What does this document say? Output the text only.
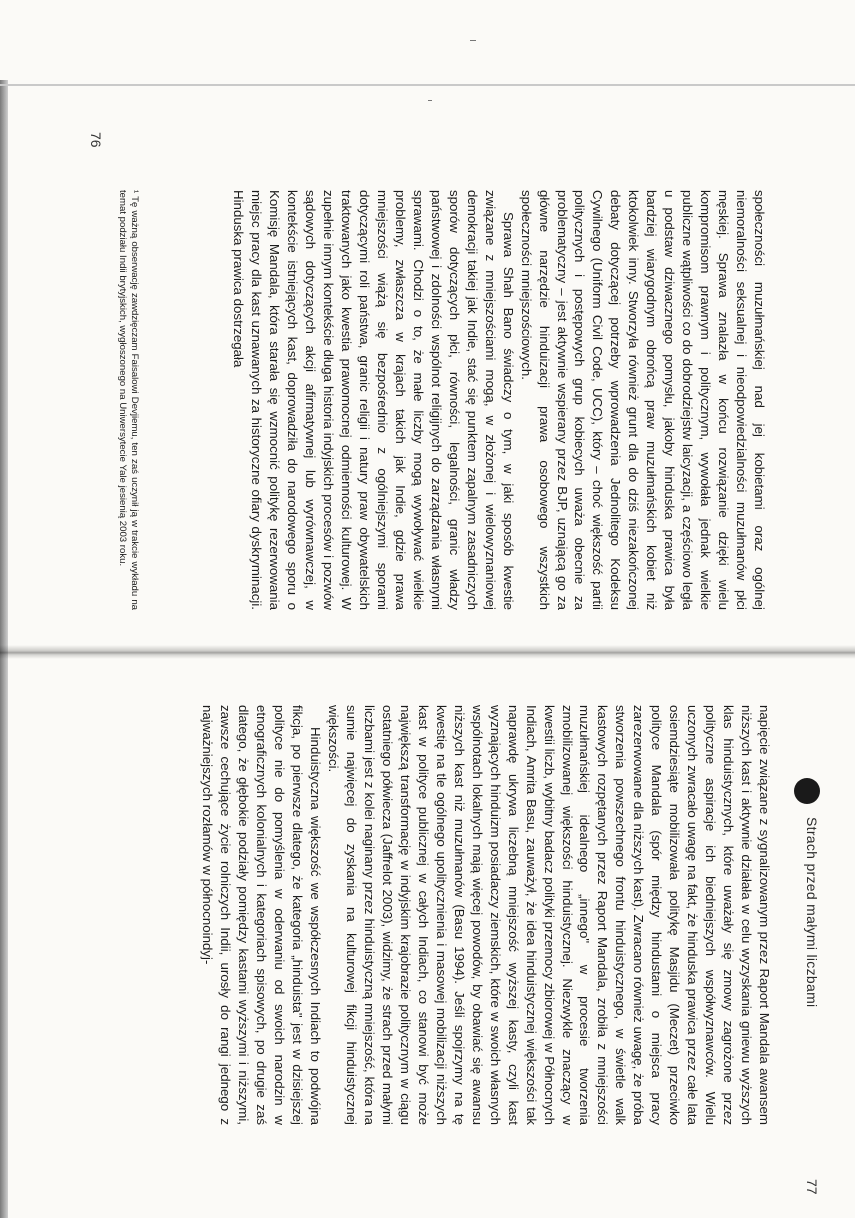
społeczności muzułmańskiej nad jej kobietami oraz ogólnej niemoralności seksualnej i nieodpowiedzialności muzułmanów płci męskiej. Sprawa znalazła w końcu rozwiązanie dzięki wielu kompromisom prawnym i politycznym, wywołała jednak wielkie publiczne wątpliwości co do dobrodziejstw laicyzacji, a częściowo legła u podstaw dziwacznego pomysłu, jakoby hinduska prawica była bardziej wiarygodnym obrońcą praw muzułmańskich kobiet niż ktokolwiek inny. Stworzyła również grunt dla do dziś niezakończonej debaty dotyczącej potrzeby wprowadzenia Jednolitego Kodeksu Cywilnego (Uniform Civil Code, UCC), który – choć większość partii politycznych i postępowych grup kobiecych uważa obecnie za problematyczny – jest aktywnie wspierany przez BJP, uznającą go za główne narzędzie hinduizacji prawa osobowego wszystkich społeczności mniejszościowych.

Sprawa Shah Bano świadczy o tym, w jaki sposób kwestie związane z mniejszościami mogą, w złożonej i wielowyznaniowej demokracji takiej jak Indie, stać się punktem zapalnym zasadniczych sporów dotyczących płci, równości, legalności, granic władzy państwowej i zdolności wspólnot religijnych do zarządzania własnymi sprawami. Chodzi o to, że małe liczby mogą wywoływać wielkie problemy, zwłaszcza w krajach takich jak Indie, gdzie prawa mniejszości wiążą się bezpośrednio z ogólniejszymi sporami dotyczącymi roli państwa, granic religii i natury praw obywatelskich traktowanych jako kwestia prawomocnej odmienności kulturowej. W zupełnie innym kontekście długa historia indyjskich procesów i pozwów sądowych dotyczących akcji afirmatywnej lub wyrównawczej, w kontekście istniejących kast, doprowadziła do narodowego sporu o Komisję Mandala, która starała się wzmocnić politykę rezerwowania miejsc pracy dla kast uznawanych za historyczne ofiary dyskryminacji. Hinduska prawica dostrzegała

¹ Tę ważną obserwację zawdzięczam Faisalowi Devjiemu, ten zaś uczynił ją w trakcie wykładu na temat podziału Indii brytyjskich, wygłoszonego na Uniwersytecie Yale jesienią 2003 roku.

76

napięcie związane z sygnalizowanym przez Raport Mandala awansem niższych kast i aktywnie działała w celu wyzyskania gniewu wyższych klas hinduistycznych, które uważały się zmowy zagrożone przez polityczne aspiracje ich biedniejszych współwyznawców. Wielu uczonych zwracało uwagę na fakt, że hinduska prawica przez całe lata osiemdziesiąte mobilizowała politykę Masjidu (Meczet) przeciwko polityce Mandala (spór między hindustami o miejsca pracy zarezerwowane dla niższych kast). Zwracano również uwagę, że próba stworzenia powszechnego frontu hinduistycznego, w świetle walk kastowych rozpętanych przez Raport Mandala, zrobiła z mniejszości muzułmańskiej idealnego „innego" w procesie tworzenia zmobilizowanej większości hinduistycznej. Niezwykle znaczący w kwestii liczb, wybitny badacz polityki przemocy zbiorowej w Północnych Indiach, Amrita Basu, zauważył, że idea hinduistycznej większości tak naprawdę ukrywa liczebną mniejszość wyższej kasty, czyli kast wyznających hinduizm posiadaczy ziemskich, które w swoich własnych wspólnotach lokalnych mają więcej powodów, by obawiać się awansu niższych kast niż muzułmanów (Basu 1994). Jeśli spojrzymy na tę kwestię na tle ogólnego upolitycznienia i masowej mobilizacji niższych kast w polityce publicznej w całych Indiach, co stanowi być może największą transformację w indyjskim krajobrazie politycznym w ciągu ostatniego półwiecza (Jaffrelot 2003), widzimy, że strach przed małymi liczbami jest z kolei naginany przez hinduistyczną mniejszość, która na sumie najwięcej do zyskania na kulturowej fikcji hinduistycznej większości.

Hinduistyczna większość we współczesnych Indiach to podwójna fikcja, po pierwsze dlatego, że kategoria „hinduista" jest w dzisiejszej polityce nie do pomyślenia w oderwaniu od swoich narodzin w etnograficznych kolonialnych i kategoriach spisowych, po drugie zaś dlatego, że głębokie podziały pomiędzy kastami wyższymi i niższymi, zawsze cechujące życie rolniczych Indii, urosły do rangi jednego z najważniejszych rozłamów w północnoindyj-	Strach przed małymi liczbami
77
